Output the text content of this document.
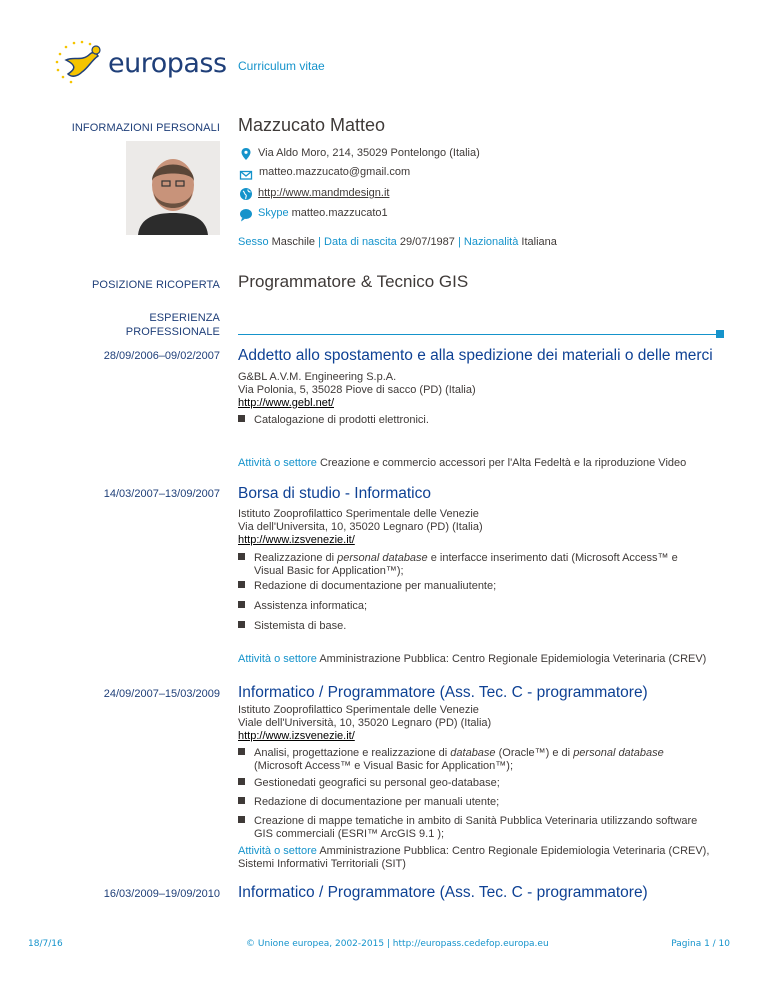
europass Curriculum vitae
INFORMAZIONI PERSONALI Mazzucato Matteo
Via Aldo Moro, 214, 35029 Pontelongo (Italia)
matteo.mazzucato@gmail.com
http://www.mandmdesign.it
Skype matteo.mazzucato1
Sesso Maschile | Data di nascita 29/07/1987 | Nazionalità Italiana
POSIZIONE RICOPERTA Programmatore & Tecnico GIS
ESPERIENZA
PROFESSIONALE
28/09/2006–09/02/2007 Addetto allo spostamento e alla spedizione dei materiali o delle merci
G&BL A.V.M. Engineering S.p.A.
Via Polonia, 5, 35028 Piove di sacco (PD) (Italia)
http://www.gebl.net/
Catalogazione di prodotti elettronici.
Attività o settore Creazione e commercio accessori per l'Alta Fedeltà e la riproduzione Video
14/03/2007–13/09/2007 Borsa di studio - Informatico
Istituto Zooprofilattico Sperimentale delle Venezie
Via dell'Universita, 10, 35020 Legnaro (PD) (Italia)
http://www.izsvenezie.it/
Realizzazione di personal database e interfacce inserimento dati (Microsoft Access™ e Visual Basic for Application™);
Redazione di documentazione per manualiutente;
Assistenza informatica;
Sistemista di base.
Attività o settore Amministrazione Pubblica: Centro Regionale Epidemiologia Veterinaria (CREV)
24/09/2007–15/03/2009 Informatico / Programmatore (Ass. Tec. C - programmatore)
Istituto Zooprofilattico Sperimentale delle Venezie
Viale dell'Università, 10, 35020 Legnaro (PD) (Italia)
http://www.izsvenezie.it/
Analisi, progettazione e realizzazione di database (Oracle™) e di personal database (Microsoft Access™ e Visual Basic for Application™);
Gestionedati geografici su personal geo-database;
Redazione di documentazione per manuali utente;
Creazione di mappe tematiche in ambito di Sanità Pubblica Veterinaria utilizzando software GIS commerciali (ESRI™ ArcGIS 9.1 );
Attività o settore Amministrazione Pubblica: Centro Regionale Epidemiologia Veterinaria (CREV), Sistemi Informativi Territoriali (SIT)
16/03/2009–19/09/2010 Informatico / Programmatore (Ass. Tec. C - programmatore)
18/7/16	© Unione europea, 2002-2015 | http://europass.cedefop.europa.eu	Pagina 1 / 10
